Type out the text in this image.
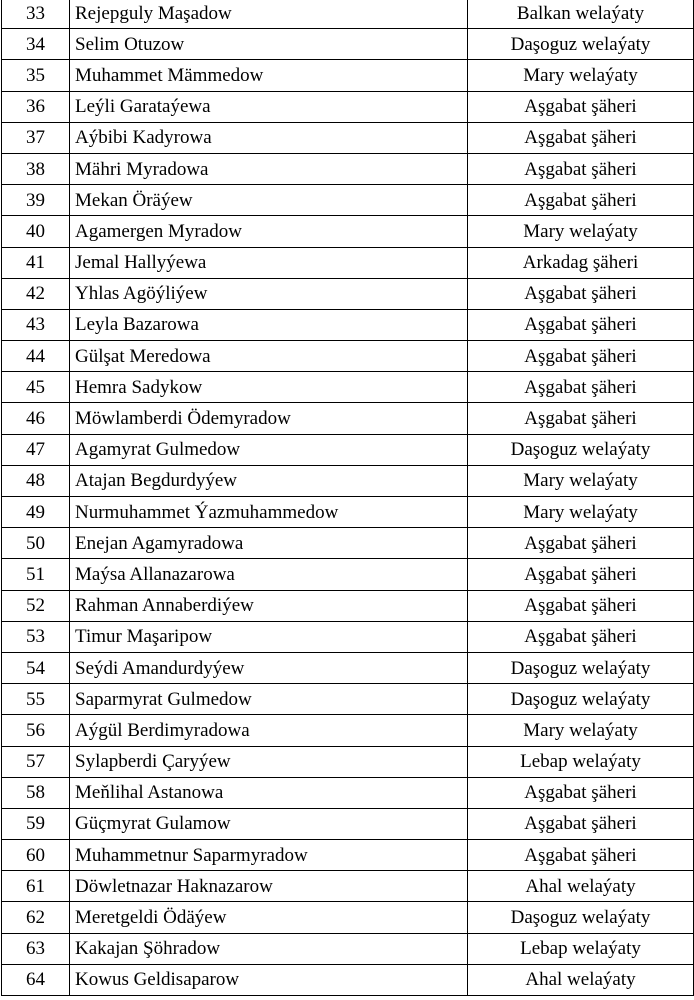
33	Rejepguly Maşadow	Balkan welaýaty
34	Selim Otuzow	Daşoguz welaýaty
35	Muhammet Mämmedow	Mary welaýaty
36	Leýli Garataýewa	Aşgabat şäheri
37	Aýbibi Kadyrowa	Aşgabat şäheri
38	Mähri Myradowa	Aşgabat şäheri
39	Mekan Öräýew	Aşgabat şäheri
40	Agamergen Myradow	Mary welaýaty
41	Jemal Hallyýewa	Arkadag şäheri
42	Yhlas Agöýliýew	Aşgabat şäheri
43	Leyla Bazarowa	Aşgabat şäheri
44	Gülşat Meredowa	Aşgabat şäheri
45	Hemra Sadykow	Aşgabat şäheri
46	Möwlamberdi Ödemyradow	Aşgabat şäheri
47	Agamyrat Gulmedow	Daşoguz welaýaty
48	Atajan Begdurdyýew	Mary welaýaty
49	Nurmuhammet Ýazmuhammedow	Mary welaýaty
50	Enejan Agamyradowa	Aşgabat şäheri
51	Maýsa Allanazarowa	Aşgabat şäheri
52	Rahman Annaberdiýew	Aşgabat şäheri
53	Timur Maşaripow	Aşgabat şäheri
54	Seýdi Amandurdyýew	Daşoguz welaýaty
55	Saparmyrat Gulmedow	Daşoguz welaýaty
56	Aýgül Berdimyradowa	Mary welaýaty
57	Sylapberdi Çaryýew	Lebap welaýaty
58	Meňlihal Astanowa	Aşgabat şäheri
59	Güçmyrat Gulamow	Aşgabat şäheri
60	Muhammetnur Saparmyradow	Aşgabat şäheri
61	Döwletnazar Haknazarow	Ahal welaýaty
62	Meretgeldi Ödäýew	Daşoguz welaýaty
63	Kakajan Şöhradow	Lebap welaýaty
64	Kowus Geldisaparow	Ahal welaýaty
